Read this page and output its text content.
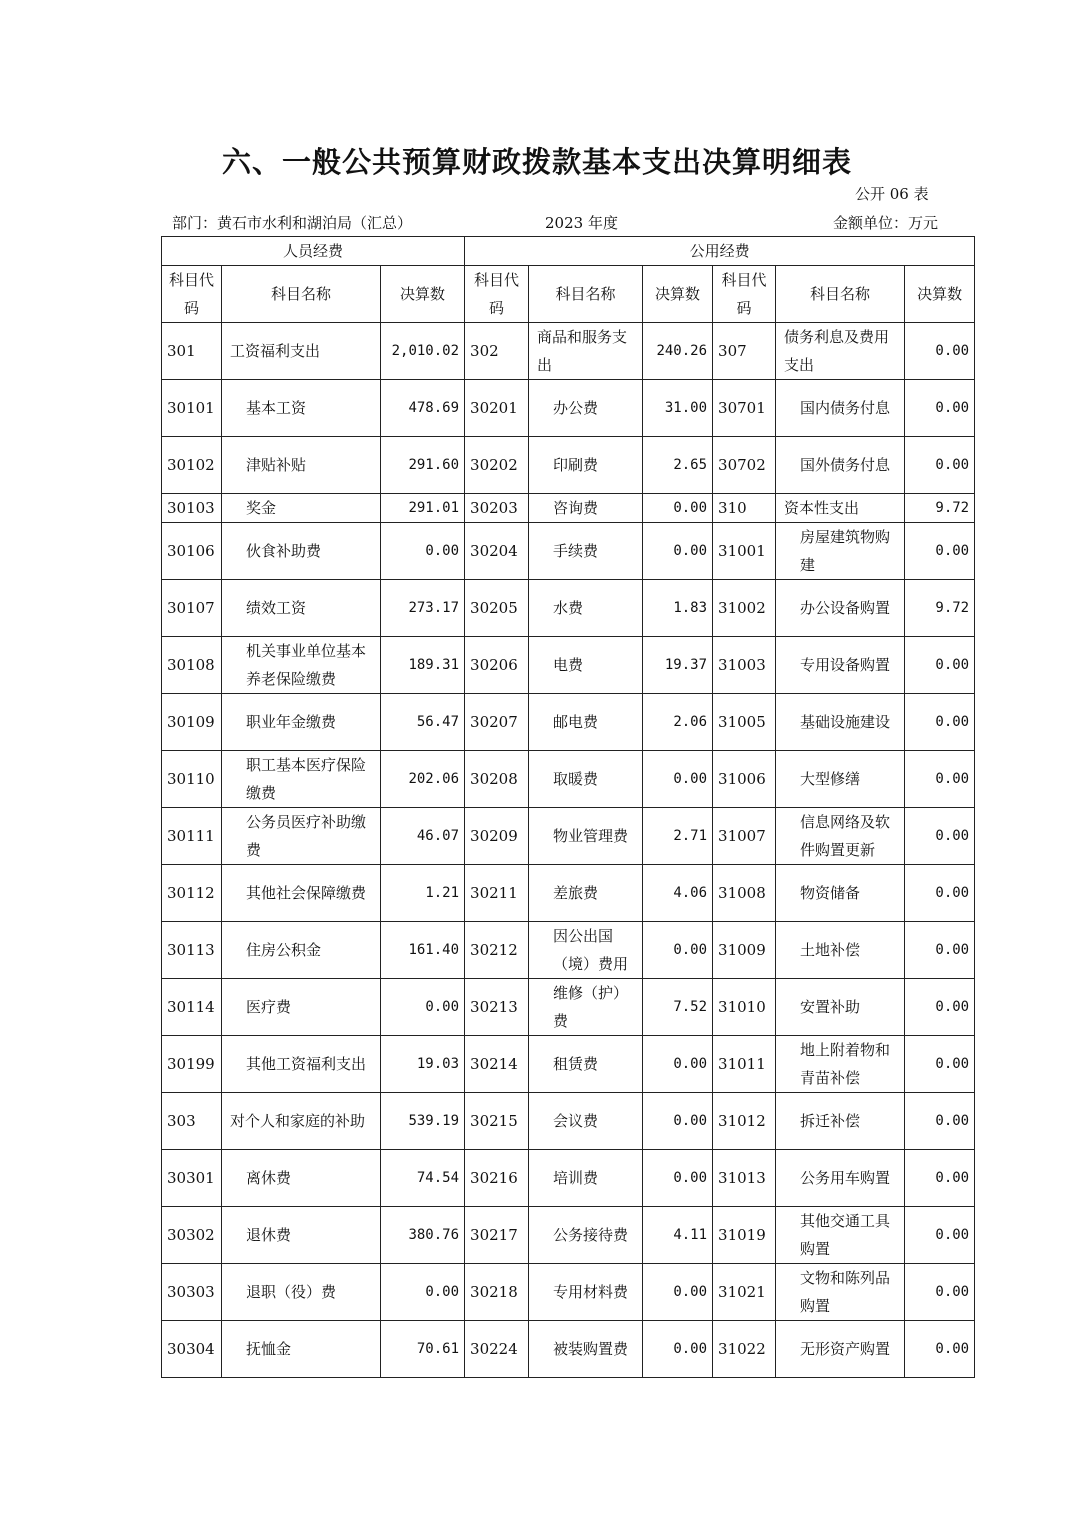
六、一般公共预算财政拨款基本支出决算明细表
公开 06 表
部门：黄石市水利和湖泊局（汇总）	2023 年度	金额单位：万元
人员经费			公用经费					
科目代码	科目名称	决算数	科目代码	科目名称	决算数	科目代码	科目名称	决算数
301	工资福利支出	2,010.02	302	商品和服务支出	240.26	307	债务利息及费用支出	0.00
30101	基本工资	478.69	30201	办公费	31.00	30701	国内债务付息	0.00
30102	津贴补贴	291.60	30202	印刷费	2.65	30702	国外债务付息	0.00
30103	奖金	291.01	30203	咨询费	0.00	310	资本性支出	9.72
30106	伙食补助费	0.00	30204	手续费	0.00	31001	房屋建筑物购建	0.00
30107	绩效工资	273.17	30205	水费	1.83	31002	办公设备购置	9.72
30108	机关事业单位基本养老保险缴费	189.31	30206	电费	19.37	31003	专用设备购置	0.00
30109	职业年金缴费	56.47	30207	邮电费	2.06	31005	基础设施建设	0.00
30110	职工基本医疗保险缴费	202.06	30208	取暖费	0.00	31006	大型修缮	0.00
30111	公务员医疗补助缴费	46.07	30209	物业管理费	2.71	31007	信息网络及软件购置更新	0.00
30112	其他社会保障缴费	1.21	30211	差旅费	4.06	31008	物资储备	0.00
30113	住房公积金	161.40	30212	因公出国（境）费用	0.00	31009	土地补偿	0.00
30114	医疗费	0.00	30213	维修（护）费	7.52	31010	安置补助	0.00
30199	其他工资福利支出	19.03	30214	租赁费	0.00	31011	地上附着物和青苗补偿	0.00
303	对个人和家庭的补助	539.19	30215	会议费	0.00	31012	拆迁补偿	0.00
30301	离休费	74.54	30216	培训费	0.00	31013	公务用车购置	0.00
30302	退休费	380.76	30217	公务接待费	4.11	31019	其他交通工具购置	0.00
30303	退职（役）费	0.00	30218	专用材料费	0.00	31021	文物和陈列品购置	0.00
30304	抚恤金	70.61	30224	被装购置费	0.00	31022	无形资产购置	0.00
